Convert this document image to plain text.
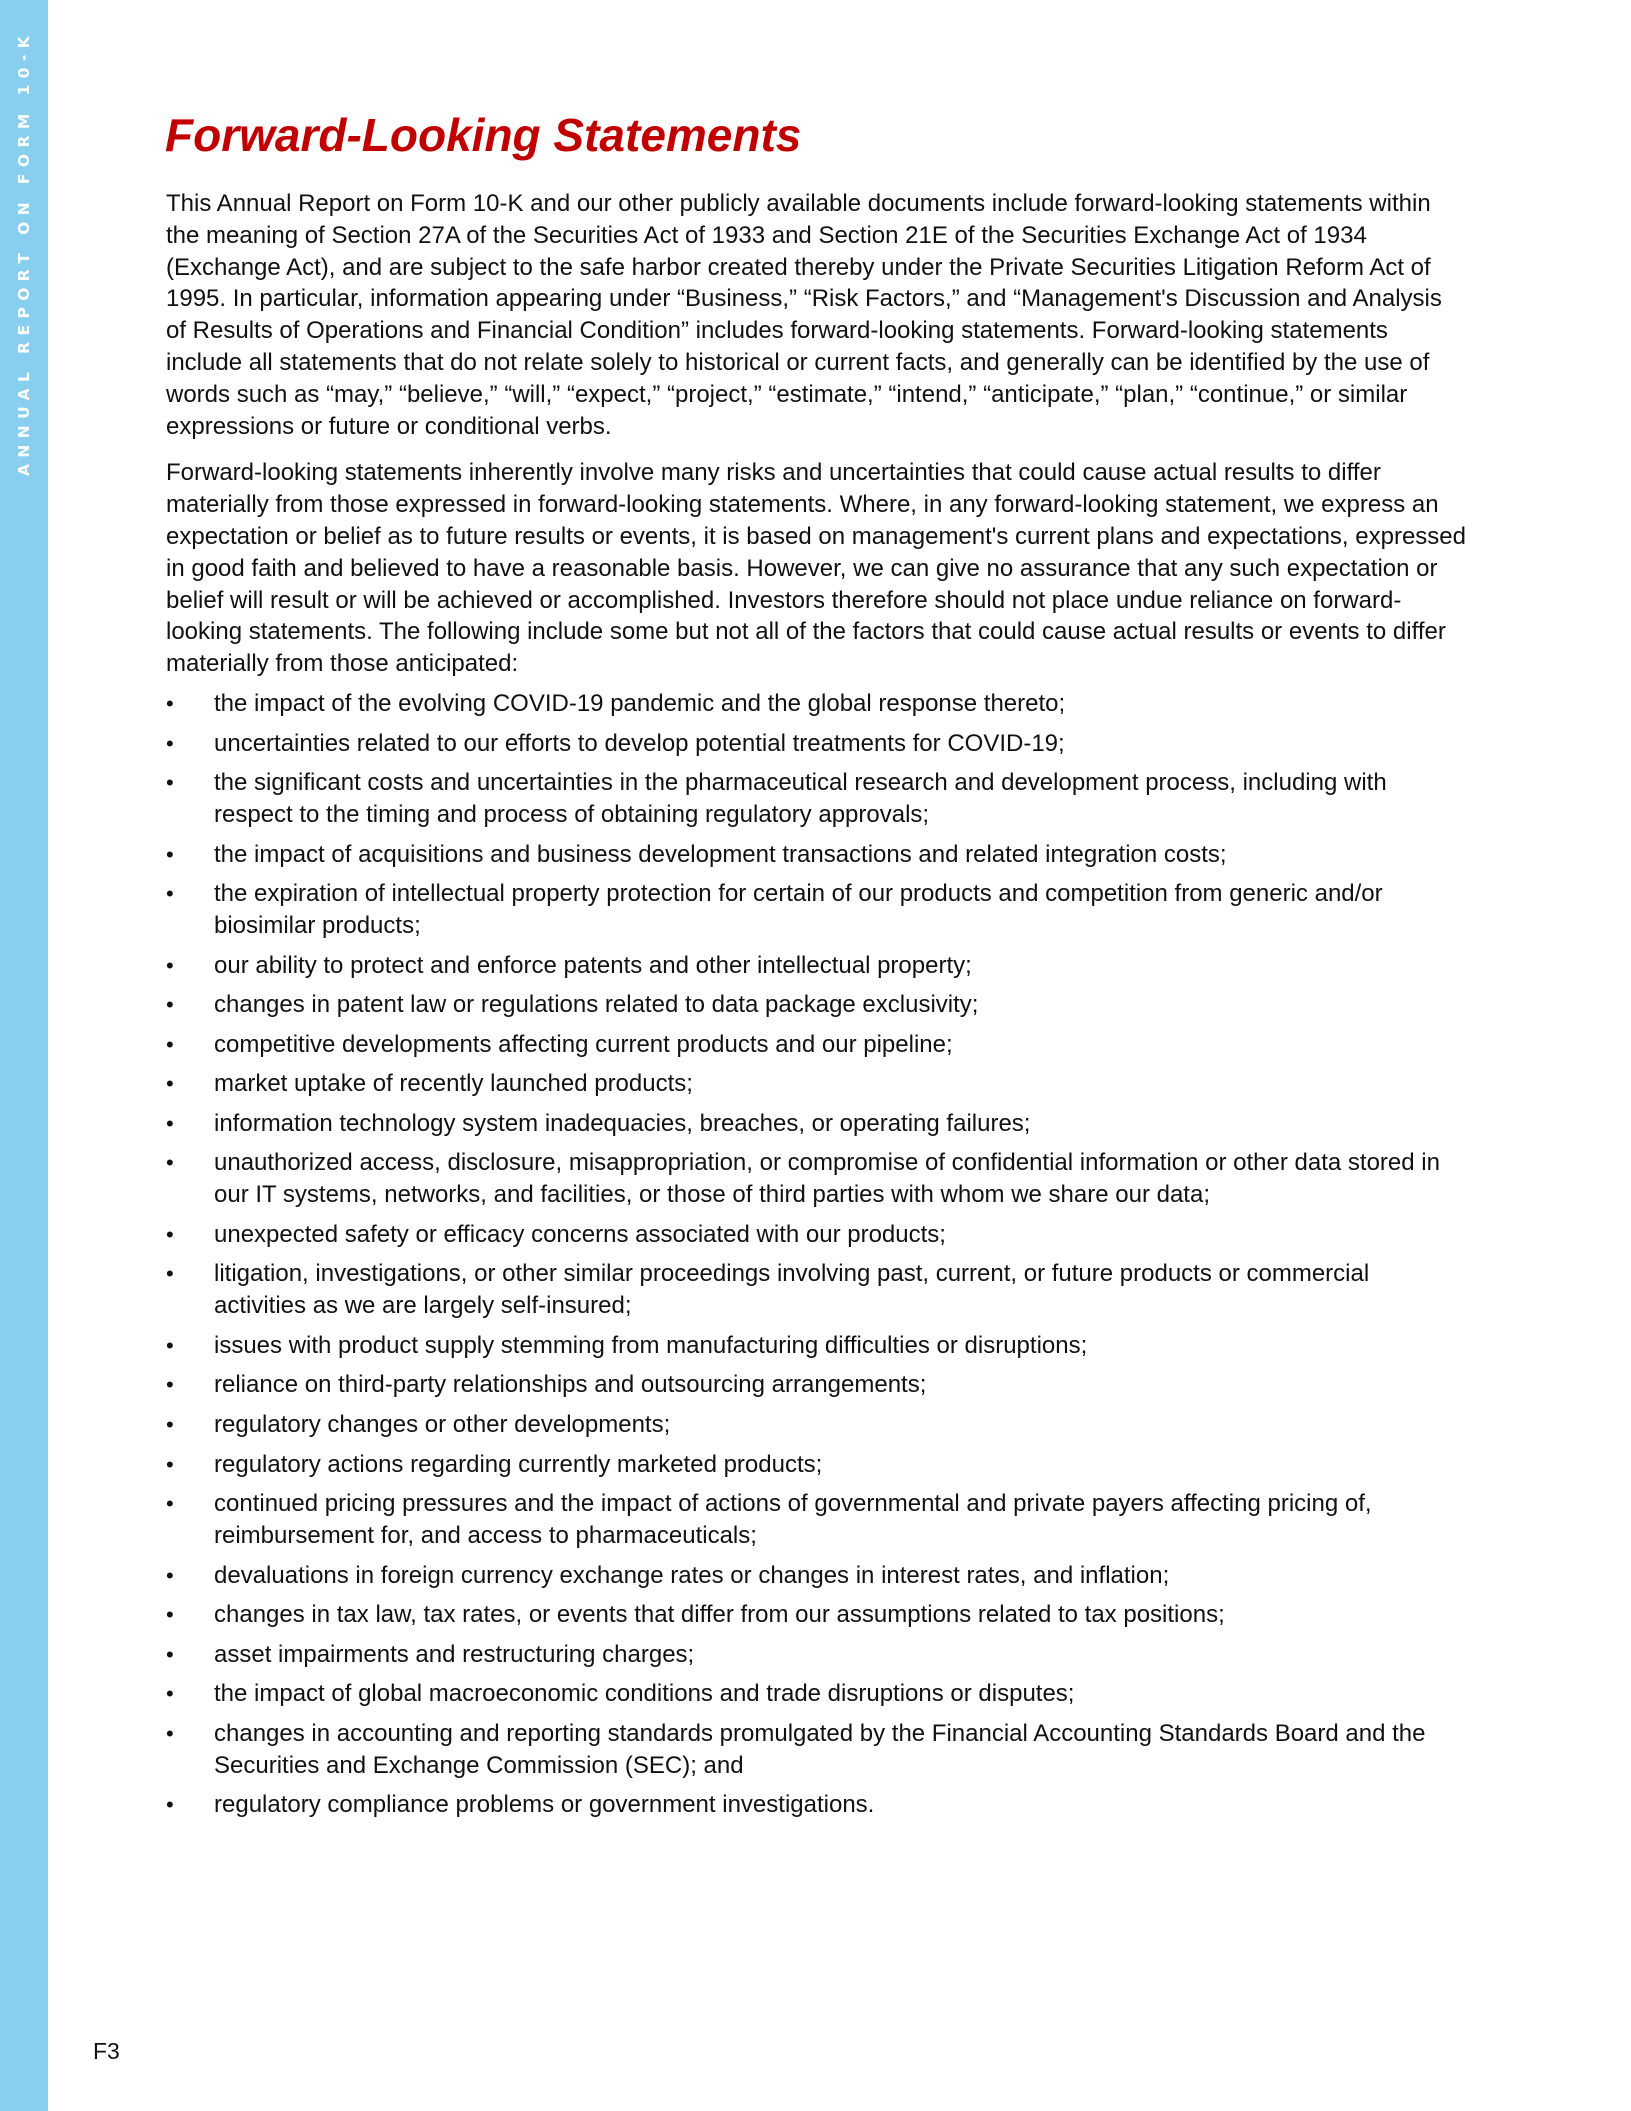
ANNUAL REPORT ON FORM 10-K	Forward-Looking Statements

This Annual Report on Form 10-K and our other publicly available documents include forward-looking statements within the meaning of Section 27A of the Securities Act of 1933 and Section 21E of the Securities Exchange Act of 1934 (Exchange Act), and are subject to the safe harbor created thereby under the Private Securities Litigation Reform Act of 1995. In particular, information appearing under “Business,” “Risk Factors,” and “Management's Discussion and Analysis of Results of Operations and Financial Condition” includes forward-looking statements. Forward-looking statements include all statements that do not relate solely to historical or current facts, and generally can be identified by the use of words such as “may,” “believe,” “will,” “expect,” “project,” “estimate,” “intend,” “anticipate,” “plan,” “continue,” or similar expressions or future or conditional verbs.

Forward-looking statements inherently involve many risks and uncertainties that could cause actual results to differ materially from those expressed in forward-looking statements. Where, in any forward-looking statement, we express an expectation or belief as to future results or events, it is based on management's current plans and expectations, expressed in good faith and believed to have a reasonable basis. However, we can give no assurance that any such expectation or belief will result or will be achieved or accomplished. Investors therefore should not place undue reliance on forward-looking statements. The following include some but not all of the factors that could cause actual results or events to differ materially from those anticipated:

•	the impact of the evolving COVID-19 pandemic and the global response thereto;
•	uncertainties related to our efforts to develop potential treatments for COVID-19;
•	the significant costs and uncertainties in the pharmaceutical research and development process, including with respect to the timing and process of obtaining regulatory approvals;
•	the impact of acquisitions and business development transactions and related integration costs;
•	the expiration of intellectual property protection for certain of our products and competition from generic and/or biosimilar products;
•	our ability to protect and enforce patents and other intellectual property;
•	changes in patent law or regulations related to data package exclusivity;
•	competitive developments affecting current products and our pipeline;
•	market uptake of recently launched products;
•	information technology system inadequacies, breaches, or operating failures;
•	unauthorized access, disclosure, misappropriation, or compromise of confidential information or other data stored in our IT systems, networks, and facilities, or those of third parties with whom we share our data;
•	unexpected safety or efficacy concerns associated with our products;
•	litigation, investigations, or other similar proceedings involving past, current, or future products or commercial activities as we are largely self-insured;
•	issues with product supply stemming from manufacturing difficulties or disruptions;
•	reliance on third-party relationships and outsourcing arrangements;
•	regulatory changes or other developments;
•	regulatory actions regarding currently marketed products;
•	continued pricing pressures and the impact of actions of governmental and private payers affecting pricing of, reimbursement for, and access to pharmaceuticals;
•	devaluations in foreign currency exchange rates or changes in interest rates, and inflation;
•	changes in tax law, tax rates, or events that differ from our assumptions related to tax positions;
•	asset impairments and restructuring charges;
•	the impact of global macroeconomic conditions and trade disruptions or disputes;
•	changes in accounting and reporting standards promulgated by the Financial Accounting Standards Board and the Securities and Exchange Commission (SEC); and
•	regulatory compliance problems or government investigations.
F3
